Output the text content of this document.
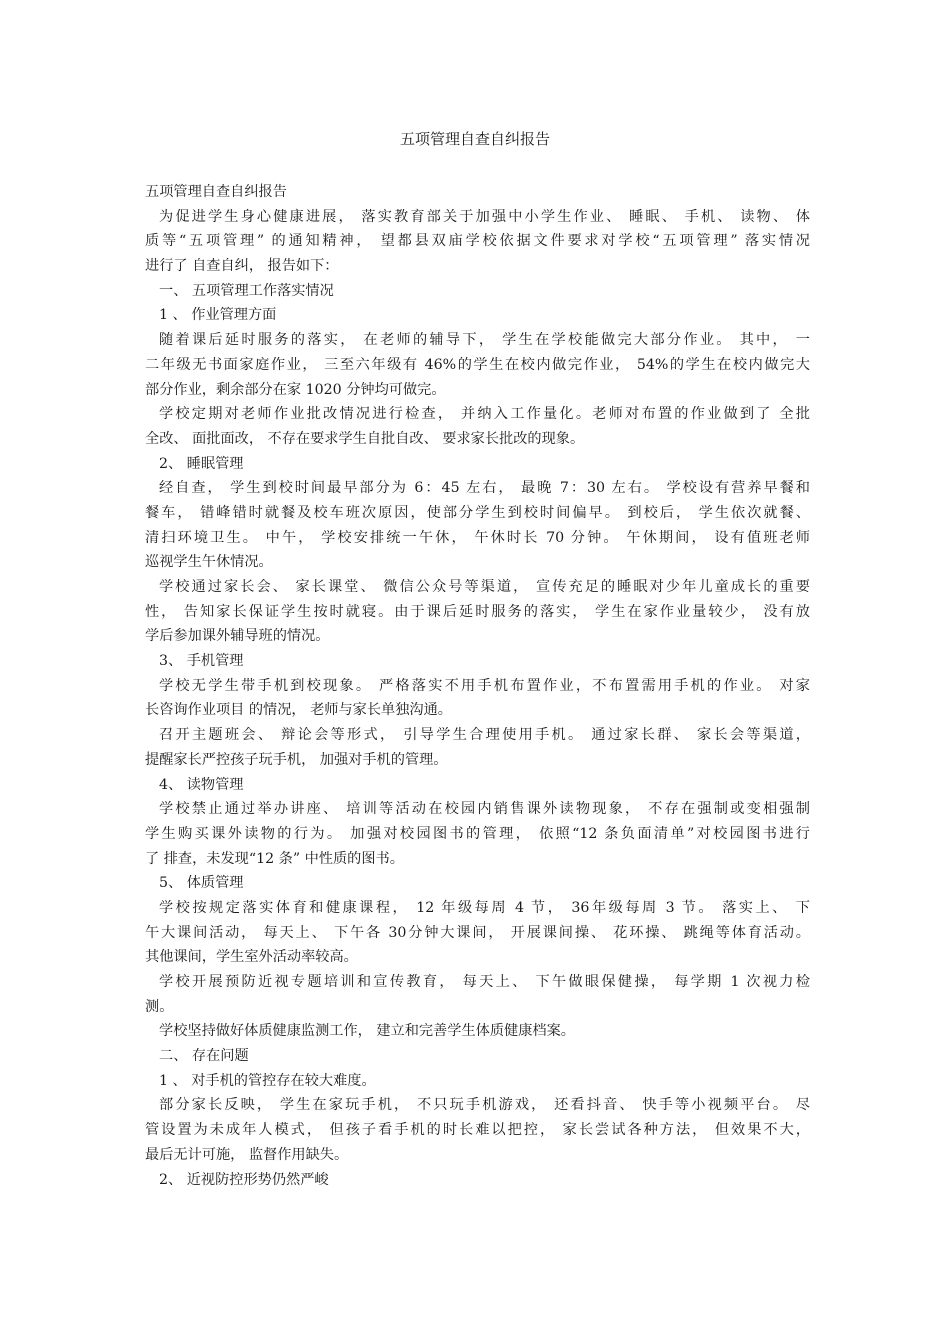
五项管理自查自纠报告
五项管理自查自纠报告
为促进学生身心健康进展， 落实教育部关于加强中小学生作业、 睡眠、 手机、 读物、 体
质等“五项管理” 的通知精神， 望都县双庙学校依据文件要求对学校“五项管理” 落实情况
进行了 自查自纠， 报告如下：
一、 五项管理工作落实情况
1 、 作业管理方面
随着课后延时服务的落实， 在老师的辅导下， 学生在学校能做完大部分作业。 其中， 一
二年级无书面家庭作业， 三至六年级有 46%的学生在校内做完作业， 54%的学生在校内做完大
部分作业，剩余部分在家 1020 分钟均可做完。
学校定期对老师作业批改情况进行检查， 并纳入工作量化。老师对布置的作业做到了 全批
全改、 面批面改， 不存在要求学生自批自改、 要求家长批改的现象。
2、 睡眠管理
经自查， 学生到校时间最早部分为 6：45 左右， 最晚 7：30 左右。 学校设有营养早餐和
餐车， 错峰错时就餐及校车班次原因，使部分学生到校时间偏早。 到校后， 学生依次就餐、
清扫环境卫生。 中午， 学校安排统一午休， 午休时长 70 分钟。 午休期间， 设有值班老师
巡视学生午休情况。
学校通过家长会、 家长课堂、 微信公众号等渠道， 宣传充足的睡眠对少年儿童成长的重要
性， 告知家长保证学生按时就寝。由于课后延时服务的落实， 学生在家作业量较少， 没有放
学后参加课外辅导班的情况。
3、 手机管理
学校无学生带手机到校现象。 严格落实不用手机布置作业，不布置需用手机的作业。 对家
长咨询作业项目 的情况， 老师与家长单独沟通。
召开主题班会、 辩论会等形式， 引导学生合理使用手机。 通过家长群、 家长会等渠道，
提醒家长严控孩子玩手机， 加强对手机的管理。
4、 读物管理
学校禁止通过举办讲座、 培训等活动在校园内销售课外读物现象， 不存在强制或变相强制
学生购买课外读物的行为。 加强对校园图书的管理， 依照“12 条负面清单”对校园图书进行
了 排查，未发现“12 条” 中性质的图书。
5、 体质管理
学校按规定落实体育和健康课程， 12 年级每周 4 节， 36年级每周 3 节。 落实上、 下
午大课间活动， 每天上、 下午各 30分钟大课间， 开展课间操、 花环操、 跳绳等体育活动。
其他课间，学生室外活动率较高。
学校开展预防近视专题培训和宣传教育， 每天上、 下午做眼保健操， 每学期 1 次视力检
测。
学校坚持做好体质健康监测工作， 建立和完善学生体质健康档案。
二、 存在问题
1 、 对手机的管控存在较大难度。
部分家长反映， 学生在家玩手机， 不只玩手机游戏， 还看抖音、 快手等小视频平台。 尽
管设置为未成年人模式， 但孩子看手机的时长难以把控， 家长尝试各种方法， 但效果不大，
最后无计可施， 监督作用缺失。
2、 近视防控形势仍然严峻
